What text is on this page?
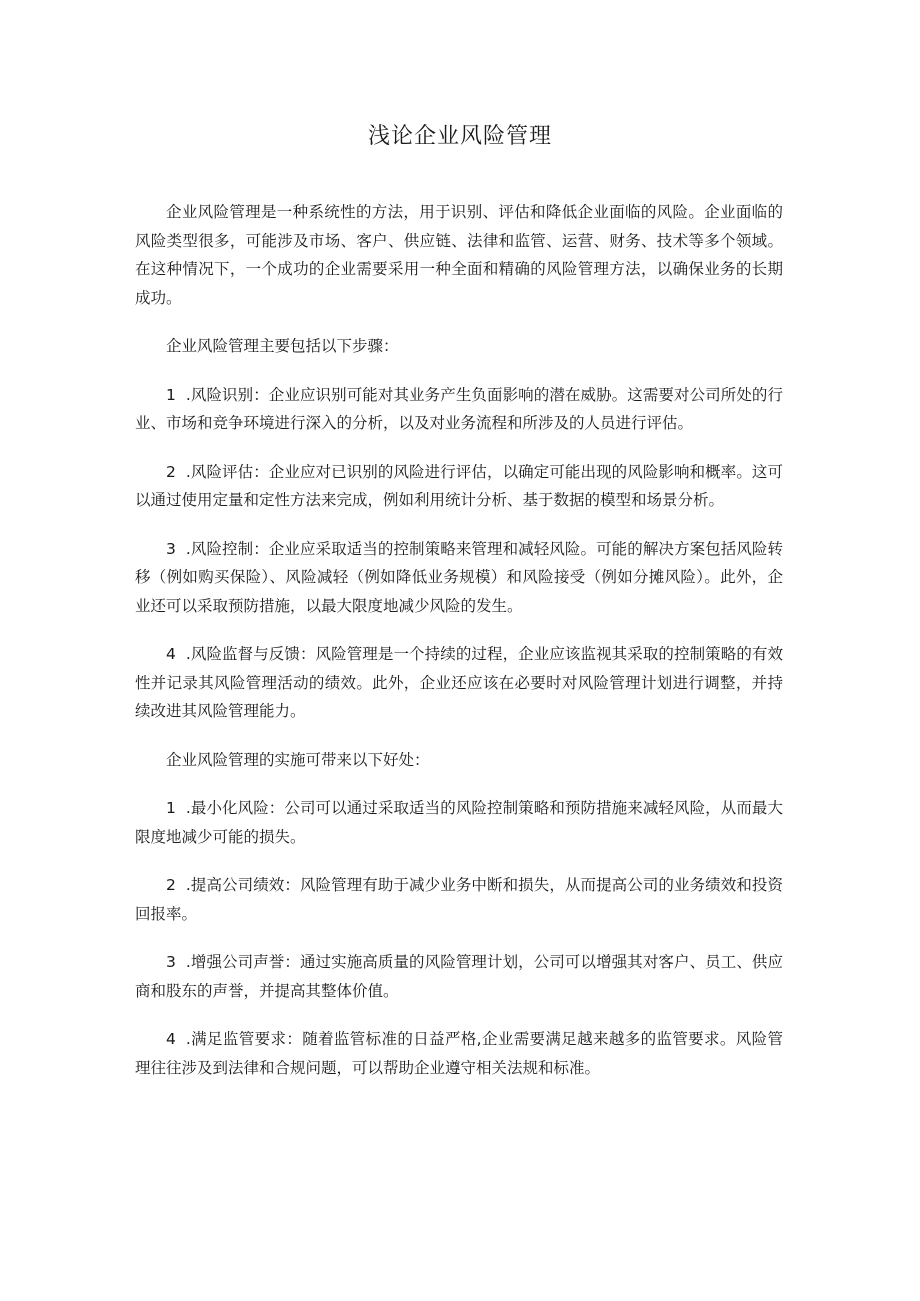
浅论企业风险管理

企业风险管理是一种系统性的方法，用于识别、评估和降低企业面临的风险。企业面临的风险类型很多，可能涉及市场、客户、供应链、法律和监管、运营、财务、技术等多个领域。在这种情况下，一个成功的企业需要采用一种全面和精确的风险管理方法，以确保业务的长期成功。

企业风险管理主要包括以下步骤：

1 .风险识别：企业应识别可能对其业务产生负面影响的潜在威胁。这需要对公司所处的行业、市场和竞争环境进行深入的分析，以及对业务流程和所涉及的人员进行评估。

2 .风险评估：企业应对已识别的风险进行评估，以确定可能出现的风险影响和概率。这可以通过使用定量和定性方法来完成，例如利用统计分析、基于数据的模型和场景分析。

3 .风险控制：企业应采取适当的控制策略来管理和减轻风险。可能的解决方案包括风险转移（例如购买保险）、风险减轻（例如降低业务规模）和风险接受（例如分摊风险）。此外，企业还可以采取预防措施，以最大限度地减少风险的发生。

4 .风险监督与反馈：风险管理是一个持续的过程，企业应该监视其采取的控制策略的有效性并记录其风险管理活动的绩效。此外，企业还应该在必要时对风险管理计划进行调整，并持续改进其风险管理能力。

企业风险管理的实施可带来以下好处：

1 .最小化风险：公司可以通过采取适当的风险控制策略和预防措施来减轻风险，从而最大限度地减少可能的损失。

2 .提高公司绩效：风险管理有助于减少业务中断和损失，从而提高公司的业务绩效和投资回报率。

3 .增强公司声誉：通过实施高质量的风险管理计划，公司可以增强其对客户、员工、供应商和股东的声誉，并提高其整体价值。

4 .满足监管要求：随着监管标准的日益严格,企业需要满足越来越多的监管要求。风险管理往往涉及到法律和合规问题，可以帮助企业遵守相关法规和标准。
